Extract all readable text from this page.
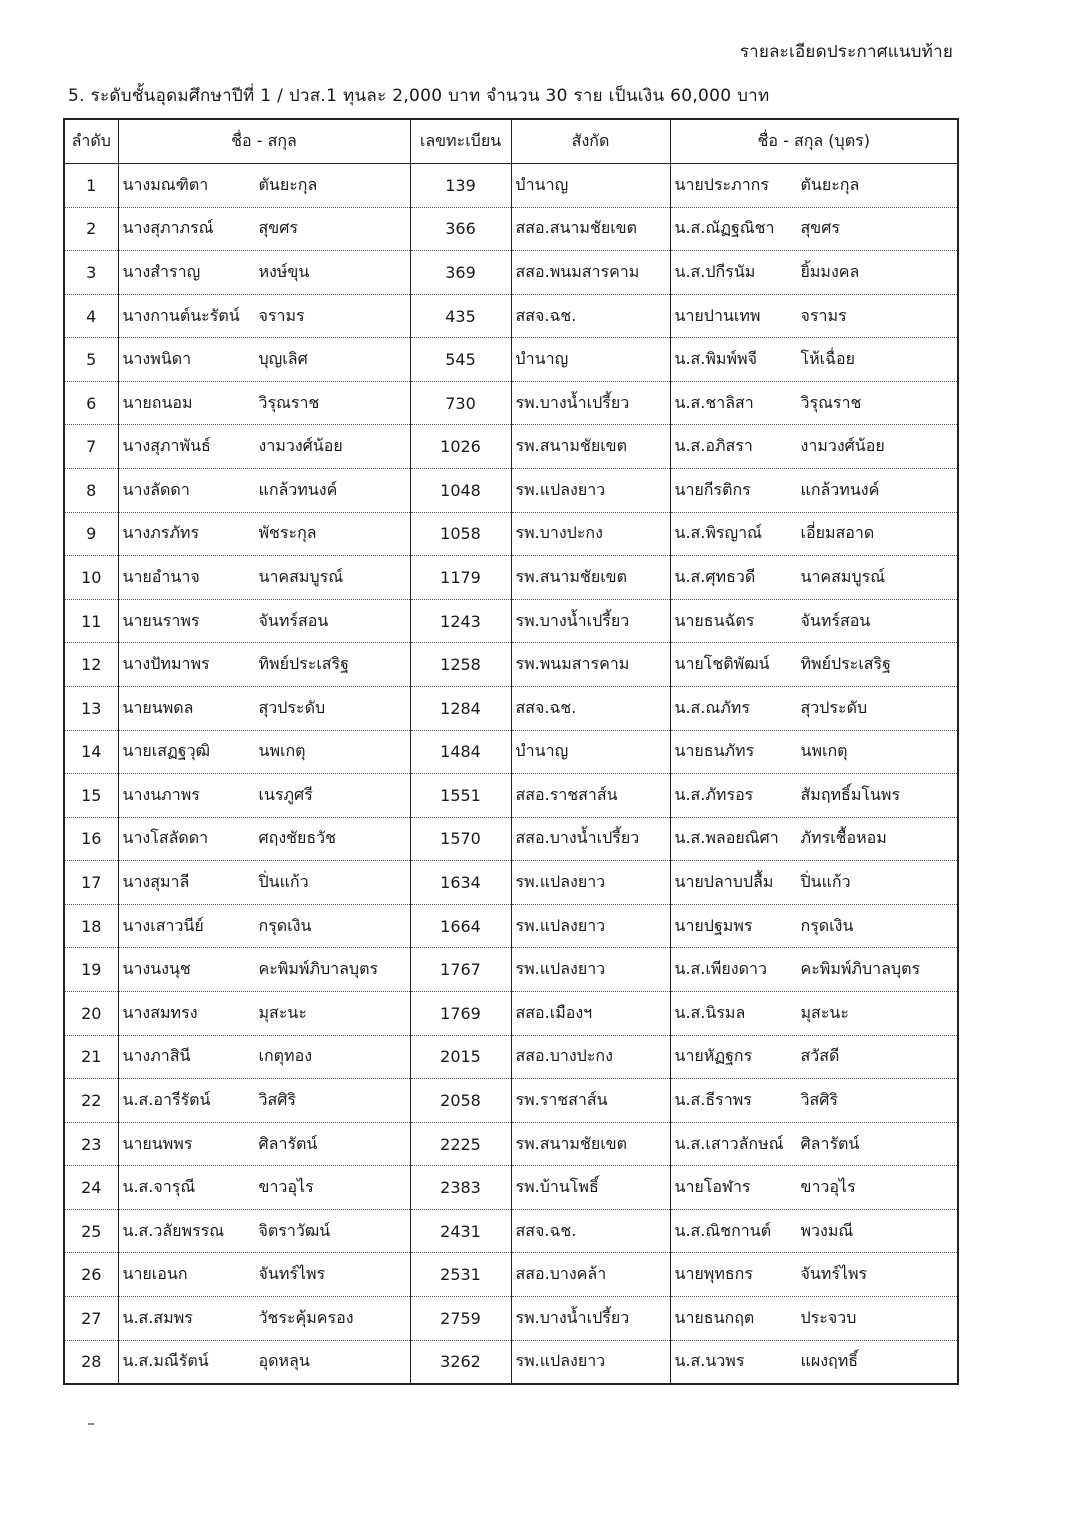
รายละเอียดประกาศแนบท้าย
5. ระดับชั้นอุดมศึกษาปีที่ 1 / ปวส.1 ทุนละ 2,000 บาท จำนวน 30 ราย เป็นเงิน 60,000 บาท
ลำดับ	ชื่อ - สกุล	เลขทะเบียน	สังกัด	ชื่อ - สกุล (บุตร)
1	นางมณฑิตา ตันยะกุล	139	บำนาญ	นายประภากร ตันยะกุล
2	นางสุภาภรณ์ สุขศร	366	สสอ.สนามชัยเขต	น.ส.ณัฏฐณิชา สุขศร
3	นางสำราญ หงษ์ขุน	369	สสอ.พนมสารคาม	น.ส.ปกีรนัม ยิ้มมงคล
4	นางกานต์นะรัตน์ จรามร	435	สสจ.ฉช.	นายปานเทพ จรามร
5	นางพนิดา บุญเลิศ	545	บำนาญ	น.ส.พิมพ์พจี โห้เฉื่อย
6	นายถนอม วิรุณราช	730	รพ.บางน้ำเปรี้ยว	น.ส.ชาลิสา วิรุณราช
7	นางสุภาพันธ์ งามวงศ์น้อย	1026	รพ.สนามชัยเขต	น.ส.อภิสรา งามวงศ์น้อย
8	นางลัดดา แกล้วทนงค์	1048	รพ.แปลงยาว	นายกีรติกร แกล้วทนงค์
9	นางภรภัทร พัชระกุล	1058	รพ.บางปะกง	น.ส.พิรญาณ์ เอี่ยมสอาด
10	นายอำนาจ นาคสมบูรณ์	1179	รพ.สนามชัยเขต	น.ส.ศุทธวดี นาคสมบูรณ์
11	นายนราพร จันทร์สอน	1243	รพ.บางน้ำเปรี้ยว	นายธนฉัตร จันทร์สอน
12	นางปัทมาพร ทิพย์ประเสริฐ	1258	รพ.พนมสารคาม	นายโชติพัฒน์ ทิพย์ประเสริฐ
13	นายนพดล สุวประดับ	1284	สสจ.ฉช.	น.ส.ณภัทร สุวประดับ
14	นายเสฏฐวุฒิ นพเกตุ	1484	บำนาญ	นายธนภัทร นพเกตุ
15	นางนภาพร เนรภูศรี	1551	สสอ.ราชสาส์น	น.ส.ภัทรอร สัมฤทธิ์มโนพร
16	นางโสลัดดา ศฤงชัยธวัช	1570	สสอ.บางน้ำเปรี้ยว	น.ส.พลอยณิศา ภัทรเชื้อหอม
17	นางสุมาลี ปิ่นแก้ว	1634	รพ.แปลงยาว	นายปลาบปลื้ม ปิ่นแก้ว
18	นางเสาวนีย์ กรุดเงิน	1664	รพ.แปลงยาว	นายปฐมพร กรุดเงิน
19	นางนงนุช คะพิมพ์ภิบาลบุตร	1767	รพ.แปลงยาว	น.ส.เพียงดาว คะพิมพ์ภิบาลบุตร
20	นางสมทรง มุสะนะ	1769	สสอ.เมืองฯ	น.ส.นิรมล มุสะนะ
21	นางภาสินี เกตุทอง	2015	สสอ.บางปะกง	นายหัฏฐกร สวัสดี
22	น.ส.อารีรัตน์ วิสศิริ	2058	รพ.ราชสาส์น	น.ส.ธีราพร วิสศิริ
23	นายนพพร ศิลารัตน์	2225	รพ.สนามชัยเขต	น.ส.เสาวลักษณ์ ศิลารัตน์
24	น.ส.จารุณี ขาวอุไร	2383	รพ.บ้านโพธิ์	นายโอฬาร ขาวอุไร
25	น.ส.วลัยพรรณ จิตราวัฒน์	2431	สสจ.ฉช.	น.ส.ณิชกานต์ พวงมณี
26	นายเอนก จันทร์ไพร	2531	สสอ.บางคล้า	นายพุทธกร จันทร์ไพร
27	น.ส.สมพร วัชระคุ้มครอง	2759	รพ.บางน้ำเปรี้ยว	นายธนกฤต ประจวบ
28	น.ส.มณีรัตน์ อุดหลุน	3262	รพ.แปลงยาว	น.ส.นวพร แผงฤทธิ์
